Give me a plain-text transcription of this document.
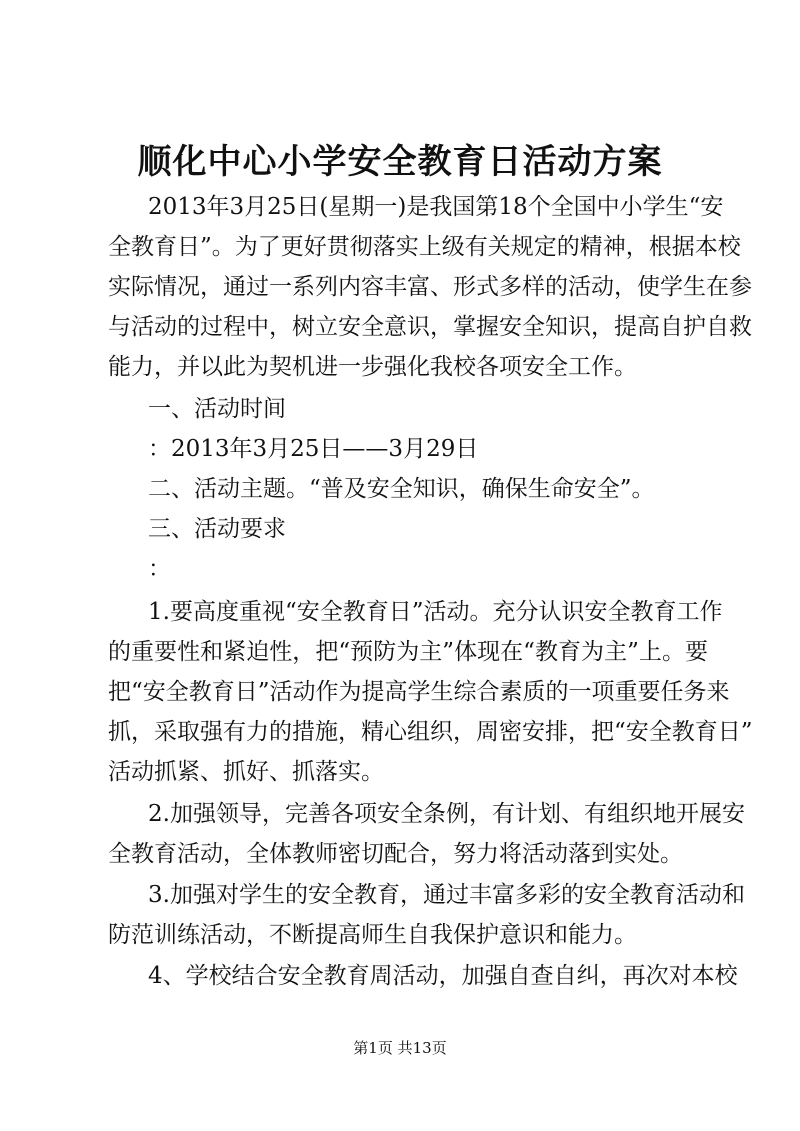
顺化中心小学安全教育日活动方案
2013年3月25日(星期一)是我国第18个全国中小学生“安
全教育日”。为了更好贯彻落实上级有关规定的精神，根据本校
实际情况，通过一系列内容丰富、形式多样的活动，使学生在参
与活动的过程中，树立安全意识，掌握安全知识，提高自护自救
能力，并以此为契机进一步强化我校各项安全工作。
一、活动时间
：2013年3月25日——3月29日
二、活动主题。“普及安全知识，确保生命安全”。
三、活动要求
：
1.要高度重视“安全教育日”活动。充分认识安全教育工作
的重要性和紧迫性，把“预防为主”体现在“教育为主”上。要
把“安全教育日”活动作为提高学生综合素质的一项重要任务来
抓，采取强有力的措施，精心组织，周密安排，把“安全教育日”
活动抓紧、抓好、抓落实。
2.加强领导，完善各项安全条例，有计划、有组织地开展安
全教育活动，全体教师密切配合，努力将活动落到实处。
3.加强对学生的安全教育，通过丰富多彩的安全教育活动和
防范训练活动，不断提高师生自我保护意识和能力。
4、学校结合安全教育周活动，加强自查自纠，再次对本校
第1页 共13页
